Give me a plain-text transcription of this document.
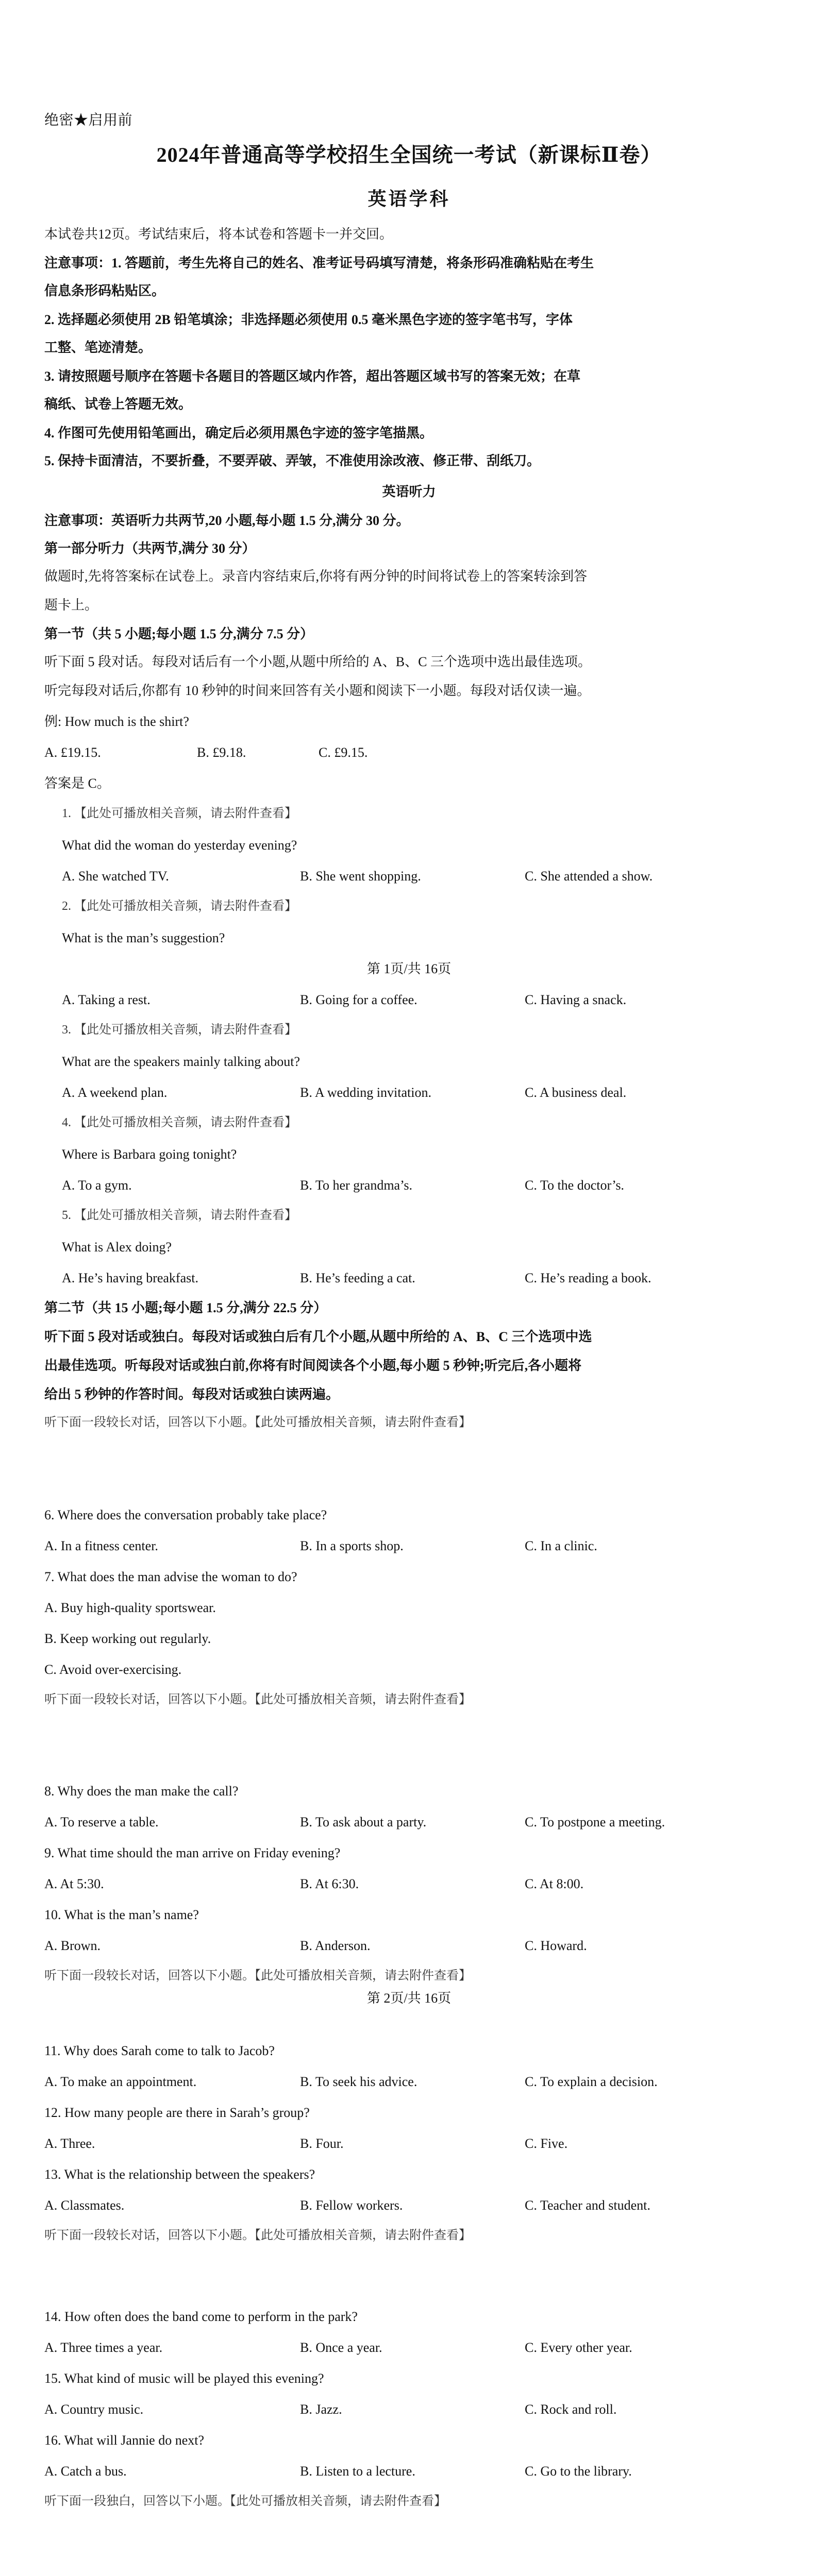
绝密★启用前
2024年普通高等学校招生全国统一考试（新课标Ⅱ卷）
英语学科
本试卷共12页。考试结束后，将本试卷和答题卡一并交回。
注意事项：1. 答题前，考生先将自己的姓名、准考证号码填写清楚，将条形码准确粘贴在考生
信息条形码粘贴区。
2. 选择题必须使用 2B 铅笔填涂；非选择题必须使用 0.5 毫米黑色字迹的签字笔书写，字体
工整、笔迹清楚。
3. 请按照题号顺序在答题卡各题目的答题区域内作答，超出答题区域书写的答案无效；在草
稿纸、试卷上答题无效。
4. 作图可先使用铅笔画出，确定后必须用黑色字迹的签字笔描黑。
5. 保持卡面清洁，不要折叠，不要弄破、弄皱，不准使用涂改液、修正带、刮纸刀。
英语听力
注意事项：英语听力共两节,20 小题,每小题 1.5 分,满分 30 分。
第一部分听力（共两节,满分 30 分）
做题时,先将答案标在试卷上。录音内容结束后,你将有两分钟的时间将试卷上的答案转涂到答
题卡上。
第一节（共 5 小题;每小题 1.5 分,满分 7.5 分）
听下面 5 段对话。每段对话后有一个小题,从题中所给的 A、B、C 三个选项中选出最佳选项。
听完每段对话后,你都有 10 秒钟的时间来回答有关小题和阅读下一小题。每段对话仅读一遍。
例: How much is the shirt?
A. £19.15.	B. £9.18.	C. £9.15.
答案是 C。
1. 【此处可播放相关音频，请去附件查看】
What did the woman do yesterday evening?
A. She watched TV.	B. She went shopping.	C. She attended a show.
2. 【此处可播放相关音频，请去附件查看】
What is the man’s suggestion?
第 1页/共 16页
A. Taking a rest.	B. Going for a coffee.	C. Having a snack.
3. 【此处可播放相关音频，请去附件查看】
What are the speakers mainly talking about?
A. A weekend plan.	B. A wedding invitation.	C. A business deal.
4. 【此处可播放相关音频，请去附件查看】
Where is Barbara going tonight?
A. To a gym.	B. To her grandma’s.	C. To the doctor’s.
5. 【此处可播放相关音频，请去附件查看】
What is Alex doing?
A. He’s having breakfast.	B. He’s feeding a cat.	C. He’s reading a book.
第二节（共 15 小题;每小题 1.5 分,满分 22.5 分）
听下面 5 段对话或独白。每段对话或独白后有几个小题,从题中所给的 A、B、C 三个选项中选
出最佳选项。听每段对话或独白前,你将有时间阅读各个小题,每小题 5 秒钟;听完后,各小题将
给出 5 秒钟的作答时间。每段对话或独白读两遍。
听下面一段较长对话，回答以下小题。【此处可播放相关音频，请去附件查看】
6. Where does the conversation probably take place?
A. In a fitness center.	B. In a sports shop.	C. In a clinic.
7. What does the man advise the woman to do?
A. Buy high-quality sportswear.
B. Keep working out regularly.
C. Avoid over-exercising.
听下面一段较长对话，回答以下小题。【此处可播放相关音频，请去附件查看】
8. Why does the man make the call?
A. To reserve a table.	B. To ask about a party.	C. To postpone a meeting.
9. What time should the man arrive on Friday evening?
A. At 5:30.	B. At 6:30.	C. At 8:00.
10. What is the man’s name?
A. Brown.	B. Anderson.	C. Howard.
听下面一段较长对话，回答以下小题。【此处可播放相关音频，请去附件查看】
第 2页/共 16页
11. Why does Sarah come to talk to Jacob?
A. To make an appointment.	B. To seek his advice.	C. To explain a decision.
12. How many people are there in Sarah’s group?
A. Three.	B. Four.	C. Five.
13. What is the relationship between the speakers?
A. Classmates.	B. Fellow workers.	C. Teacher and student.
听下面一段较长对话，回答以下小题。【此处可播放相关音频，请去附件查看】
14. How often does the band come to perform in the park?
A. Three times a year.	B. Once a year.	C. Every other year.
15. What kind of music will be played this evening?
A. Country music.	B. Jazz.	C. Rock and roll.
16. What will Jannie do next?
A. Catch a bus.	B. Listen to a lecture.	C. Go to the library.
听下面一段独白，回答以下小题。【此处可播放相关音频，请去附件查看】
